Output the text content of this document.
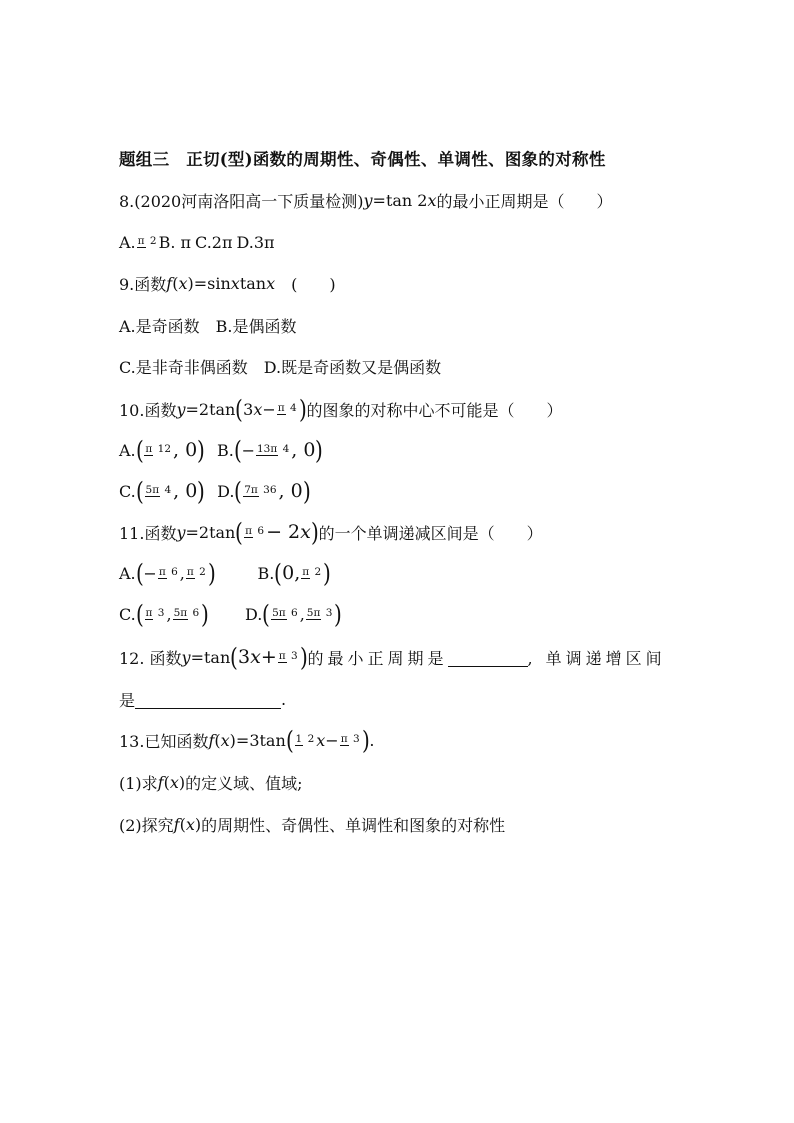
题组三　正切(型)函数的周期性、奇偶性、单调性、图象的对称性
8.(2020河南洛阳高一下质量检测) y =tan 2 x 的最小正周期是（　　）
A. π 2 B. π C.2π D.3π
9.函数 f ( x ) =sin x tan x 　(　　)
A.是奇函数 B.是偶函数
C.是非奇非偶函数 D.既是奇函数又是偶函数
10.函数 y =2tan ( 3 x − π 4 ) 的图象的对称中心不可能是（　　）
A. ( π 12 , 0 ) B. ( − 13π 4 , 0 )
C. ( 5π 4 , 0 ) D. ( 7π 36 , 0 )
11.函数 y =2tan ( π 6 − 2 x ) 的一个单调递减区间是（　　）
A. ( − π 6 , π 2 )	B. ( 0, π 2 )
C. ( π 3 , 5π 6 ) D. ( 5π 6 , 5π 3 )
12. 函数 y =tan ( 3 x + π 3 ) 的最小正周期是	, 单调递增区间
是	.
13.已知函数 f ( x ) =3tan ( 1 2 x − π 3 ) .
(1)求 f ( x ) 的定义域、值域;
(2)探究 f ( x ) 的周期性、奇偶性、单调性和图象的对称性
